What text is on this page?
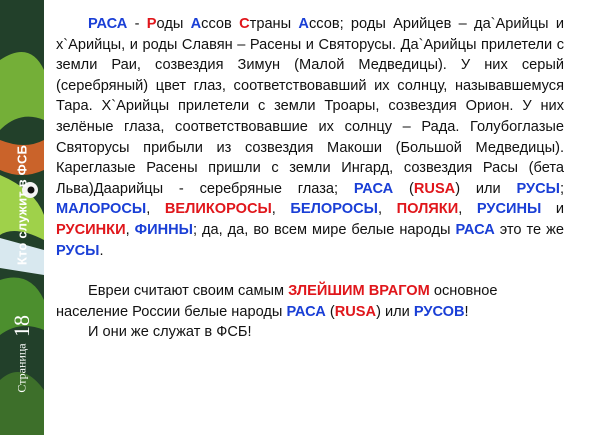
Кто служит в ФСБ
18
Страница

РАСА - Роды Ассов Страны Ассов; роды Арийцев – да`Арийцы и х`Арийцы, и роды Славян – Расены и Святорусы. Да`Арийцы прилетели с земли Раи, созвездия Зимун (Малой Медведицы). У них серый (серебряный) цвет глаз, соответствовавший их солнцу, называвшемуся Тара. Х`Арийцы прилетели с земли Троары, созвездия Орион. У них зелёные глаза, соответствовавшие их солнцу – Рада. Голубоглазые Святорусы прибыли из созвездия Макоши (Большой Медведицы). Кареглазые Расены пришли с земли Ингард, созвездия Расы (бета Льва)Даарийцы - серебряные глаза; РАСА (RUSA) или РУСЫ; МАЛОРОСЫ, ВЕЛИКОРОСЫ, БЕЛОРОСЫ, ПОЛЯКИ, РУСИНЫ и РУСИНКИ, ФИННЫ; да, да, во всем мире белые народы РАСА это те же РУСЫ.

Евреи считают своим самым ЗЛЕЙШИМ ВРАГОМ основное население России белые народы РАСА (RUSA) или РУСОВ!

И они же служат в ФСБ!
